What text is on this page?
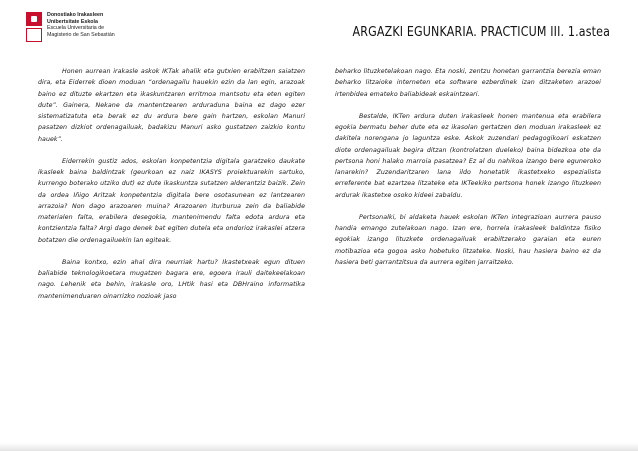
Donostiako Irakasleen
Unibertsitate Eskola
Escuela Universitaria de
Magisterio de San Sebastián	ARGAZKI EGUNKARIA. PRACTICUM III. 1.astea

Honen aurrean irakasle askok IKTak ahalik eta gutxien erabiltzen saiatzen dira, eta Eiderrek dioen moduan “ordenagailu hauekin ezin da lan egin, arazoak baino ez dituzte ekartzen eta ikaskuntzaren erritmoa mantsotu eta eten egiten dute”. Gainera, Nekane da mantentzearen arduraduna baina ez dago ezer sistematizatuta eta berak ez du ardura bere gain hartzen, eskolan Manuri pasatzen dizkiot ordenagailuak, badakizu Manuri asko gustatzen zaizkio kontu hauek”.

Eiderrekin gustiz ados, eskolan konpetentzia digitala garatzeko daukate ikasleek baina baldintzak (geurkoan ez naiz IKASYS proiektuarekin sartuko, kurrengo boterako utziko dut) ez dute ikaskuntza sutatzen alderantziz baizik. Zein da ordea Iñigo Aritzak konpetentzia digitala bere osotasunean ez lantzearen arrazoia? Non dago arazoaren muina? Arazoaren iturburua zein da baliabide materialen falta, erabilera desegokia, mantenimendu falta edota ardura eta kontzientzia falta? Argi dago denek bat egiten dutela eta ondorioz irakaslei atzera botatzen die ordenagailuekin lan egiteak.

Baina kontxo, ezin ahal dira neurriak hartu? Ikastetxeak egun dituen baliabide teknologikoetara mugatzen bagara ere, egoera irauli daitekeelakoan nago. Lehenik eta behin, irakasle oro, LHtik hasi eta DBHraino informatika mantenimenduaren oinarrizko nozioak jaso

beharko lituzketelakoan nago. Eta noski, zentzu honetan garrantzia berezia eman beharko litzaioke interneten eta software ezberdinek izan ditzaketen arazoei irtenbidea emateko baliabideak eskaintzeari.

Bestalde, IKTen ardura duten irakasleek honen mantenua eta erabilera egokia bermatu beher dute eta ez ikasolan gertatzen den moduan irakasleek ez dakitela norengana jo laguntza eske. Askok zuzendari pedagogikoari eskatzen diote ordenagailuak begira ditzan (kontrolatzen dueleko) baina bidezkoa ote da pertsona honi halako marroia pasatzea? Ez al du nahikoa izango bere eguneroko lanarekin? Zuzendaritzaren lana ildo honetatik ikastetxeko espezialista erreferente bat ezartzea litzateke eta IKTeekiko pertsona honek izango lituzkeen ardurak ikastetxe osoko kideei zabaldu.

Pertsonalki, bi aldaketa hauek eskolan IKTen integrazioan aurrera pauso handia emango zutelakoan nago. Izan ere, horrela irakasleek baldintza fisiko egokiak izango lituzkete ordenagailuak erabiltzerako garaian eta euren motibazioa eta gogoa asko hobetuko litzateke. Noski, hau hasiera baino ez da hasiera beti garrantzitsua da aurrera egiten jarraitzeko.
